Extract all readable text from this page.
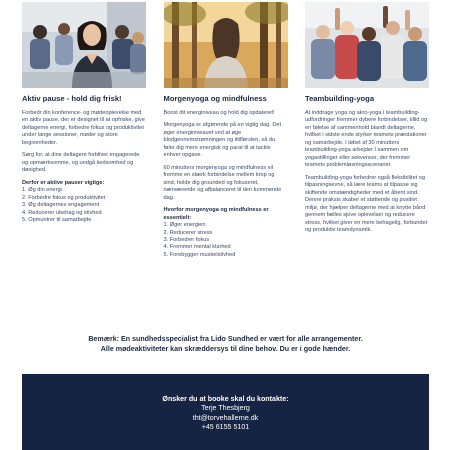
Aktiv pause - hold dig frisk!

Forbedr din konference- og mødeoplevelse med en aktiv pause, der er designet til at opfriske, give deltagerne energi, forbedre fokus og produktivitet under lange sessioner, møder og store begivenheder.

Sørg for, at dine deltagere forbliver engagerede og opmærksomme, og undgå kedsomhed og døsighed.

Derfor er aktive pauser vigtige:
1. Øg din energi
2. Forbedre fokus og produktivitet
3. Øg deltagernes engagement
4. Reducerer ubehag og stivhed
5. Opmuntrer til samarbejde
Morgenyoga og mindfulness

Boost dit energiniveau og hold dig opdateret!

Morgenyoga er afgørende på en vigtig dag. Det øger energiniveauet ved at øge blodgennemstrømningen og iltilførslen, så du føler dig mere energisk og parat til at tackle enhver opgave.

60 minutters morgenyoga og mindfulness vil fremme en stærk forbindelse mellem krop og sind, holde dig grounded og fokuseret, nærværende og afbalanceret til den kommende dag.

Hvorfor morgenyoga og mindfulness er essentielt:
1. Øger energien
2. Reducerer stress
3. Forbedrer fokus
4. Fremmer mental klarhed
5. Forebygger muskelstivhed
Teambuilding-yoga

At inddrage yoga og akro-yoga i teambuilding-udfordringer fremmer dybere forbindelser, tillid og en følelse af sammenhold blandt deltagerne, hvilket i sidste ende styrker teamets præstationer og samarbejde. I løbet af 30 minutters teambuilding-yoga arbejder I sammen om yogastillinger eller sekvenser, der fremmer teamets problemløsningsscenarier.

Teambuilding-yoga forbedrer også fleksibilitet og tilpasningsevne, så lære teams at tilpasse sig skiftende omstændigheder med et åbent sind. Denne praksis skaber et støttende og positivt miljø, der hjælper deltagerne med at knytte bånd gennem fælles sjove oplevelser og reducere stress, hvilket giver en mere behagelig, forbundet og produktiv teamdynamik.

Bemærk: En sundhedsspecialist fra Lido Sundhed er vært for alle arrangementer.
Alle mødeaktiviteter kan skræddersys til dine behov. Du er i gode hænder.
Ønsker du at booke skal du kontakte:
Terje Thesbjerg
tht@torvehallerne.dk
+45 6155 5101
